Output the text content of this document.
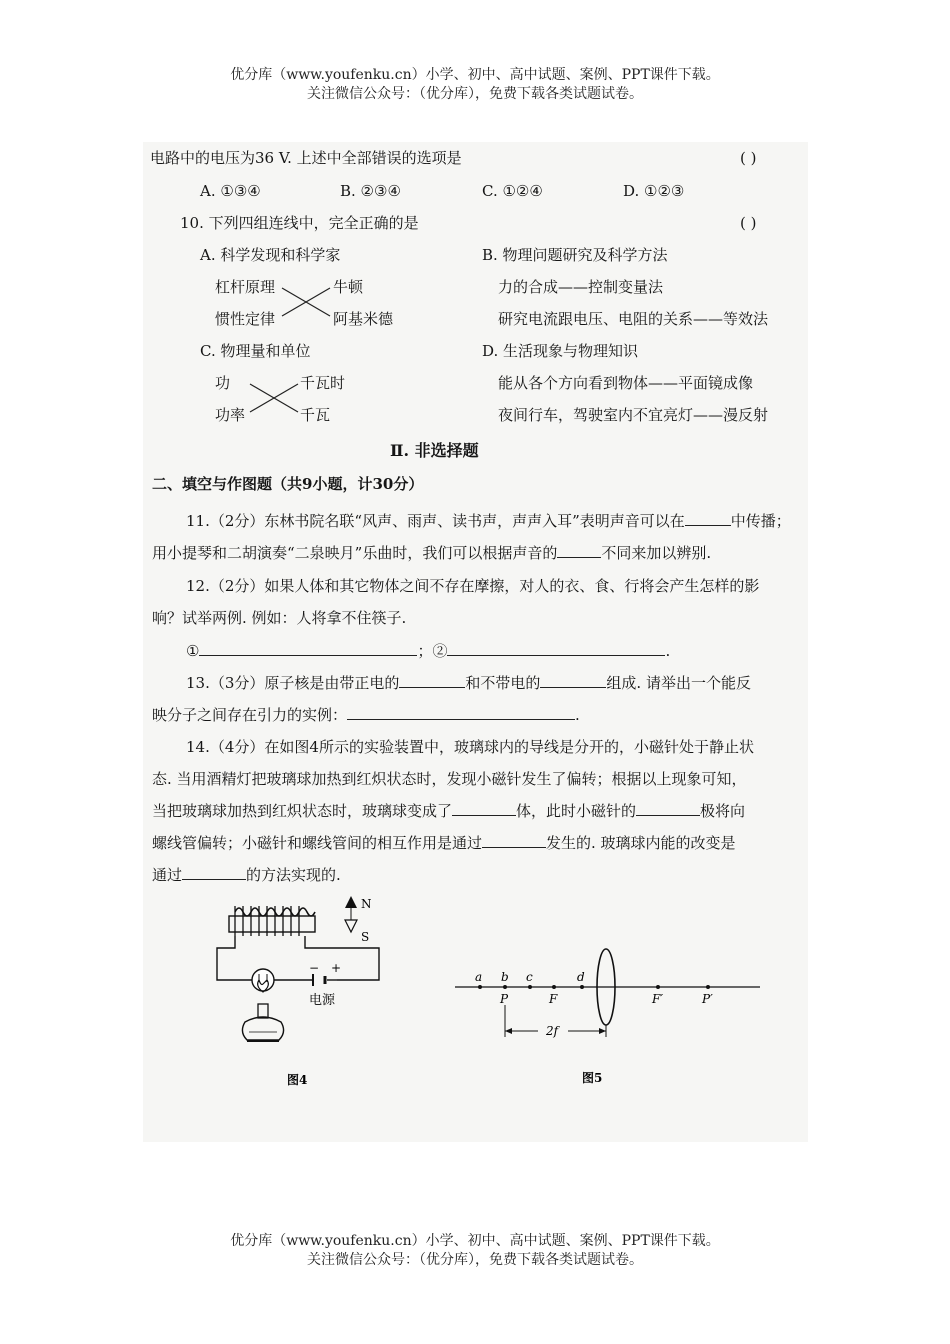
优分库（www.youfenku.cn）小学、初中、高中试题、案例、PPT课件下载。
关注微信公众号：（优分库），免费下载各类试题试卷。
电路中的电压为36 V. 上述中全部错误的选项是	( )
A. ①③④	B. ②③④	C. ①②④	D. ①②③
10. 下列四组连线中，完全正确的是	( )
A. 科学发现和科学家
杠杆原理
惯性定律
牛顿
阿基米德
B. 物理问题研究及科学方法
力的合成——控制变量法
研究电流跟电压、电阻的关系——等效法
C. 物理量和单位
功
功率
千瓦时
千瓦
D. 生活现象与物理知识
能从各个方向看到物体——平面镜成像
夜间行车，驾驶室内不宜亮灯——漫反射
Ⅱ. 非选择题
二、填空与作图题（共9小题，计30分）
11.（2分）东林书院名联“风声、雨声、读书声，声声入耳”表明声音可以在	中传播；
用小提琴和二胡演奏“二泉映月”乐曲时，我们可以根据声音的	不同来加以辨别.
12.（2分）如果人体和其它物体之间不存在摩擦，对人的衣、食、行将会产生怎样的影
响？试举两例. 例如：人将拿不住筷子.
①	；②	.
13.（3分）原子核是由带正电的	和不带电的	组成. 请举出一个能反
映分子之间存在引力的实例：	.
14.（4分）在如图4所示的实验装置中，玻璃球内的导线是分开的，小磁针处于静止状
态. 当用酒精灯把玻璃球加热到红炽状态时，发现小磁针发生了偏转；根据以上现象可知，
当把玻璃球加热到红炽状态时，玻璃球变成了	体，此时小磁针的	极将向
螺线管偏转；小磁针和螺线管间的相互作用是通过	发生的. 玻璃球内能的改变是
通过	的方法实现的.
N
S
− +
电源
图4
a b c	d
P	F	F′	P′
2f
图5
优分库（www.youfenku.cn）小学、初中、高中试题、案例、PPT课件下载。
关注微信公众号：（优分库），免费下载各类试题试卷。
